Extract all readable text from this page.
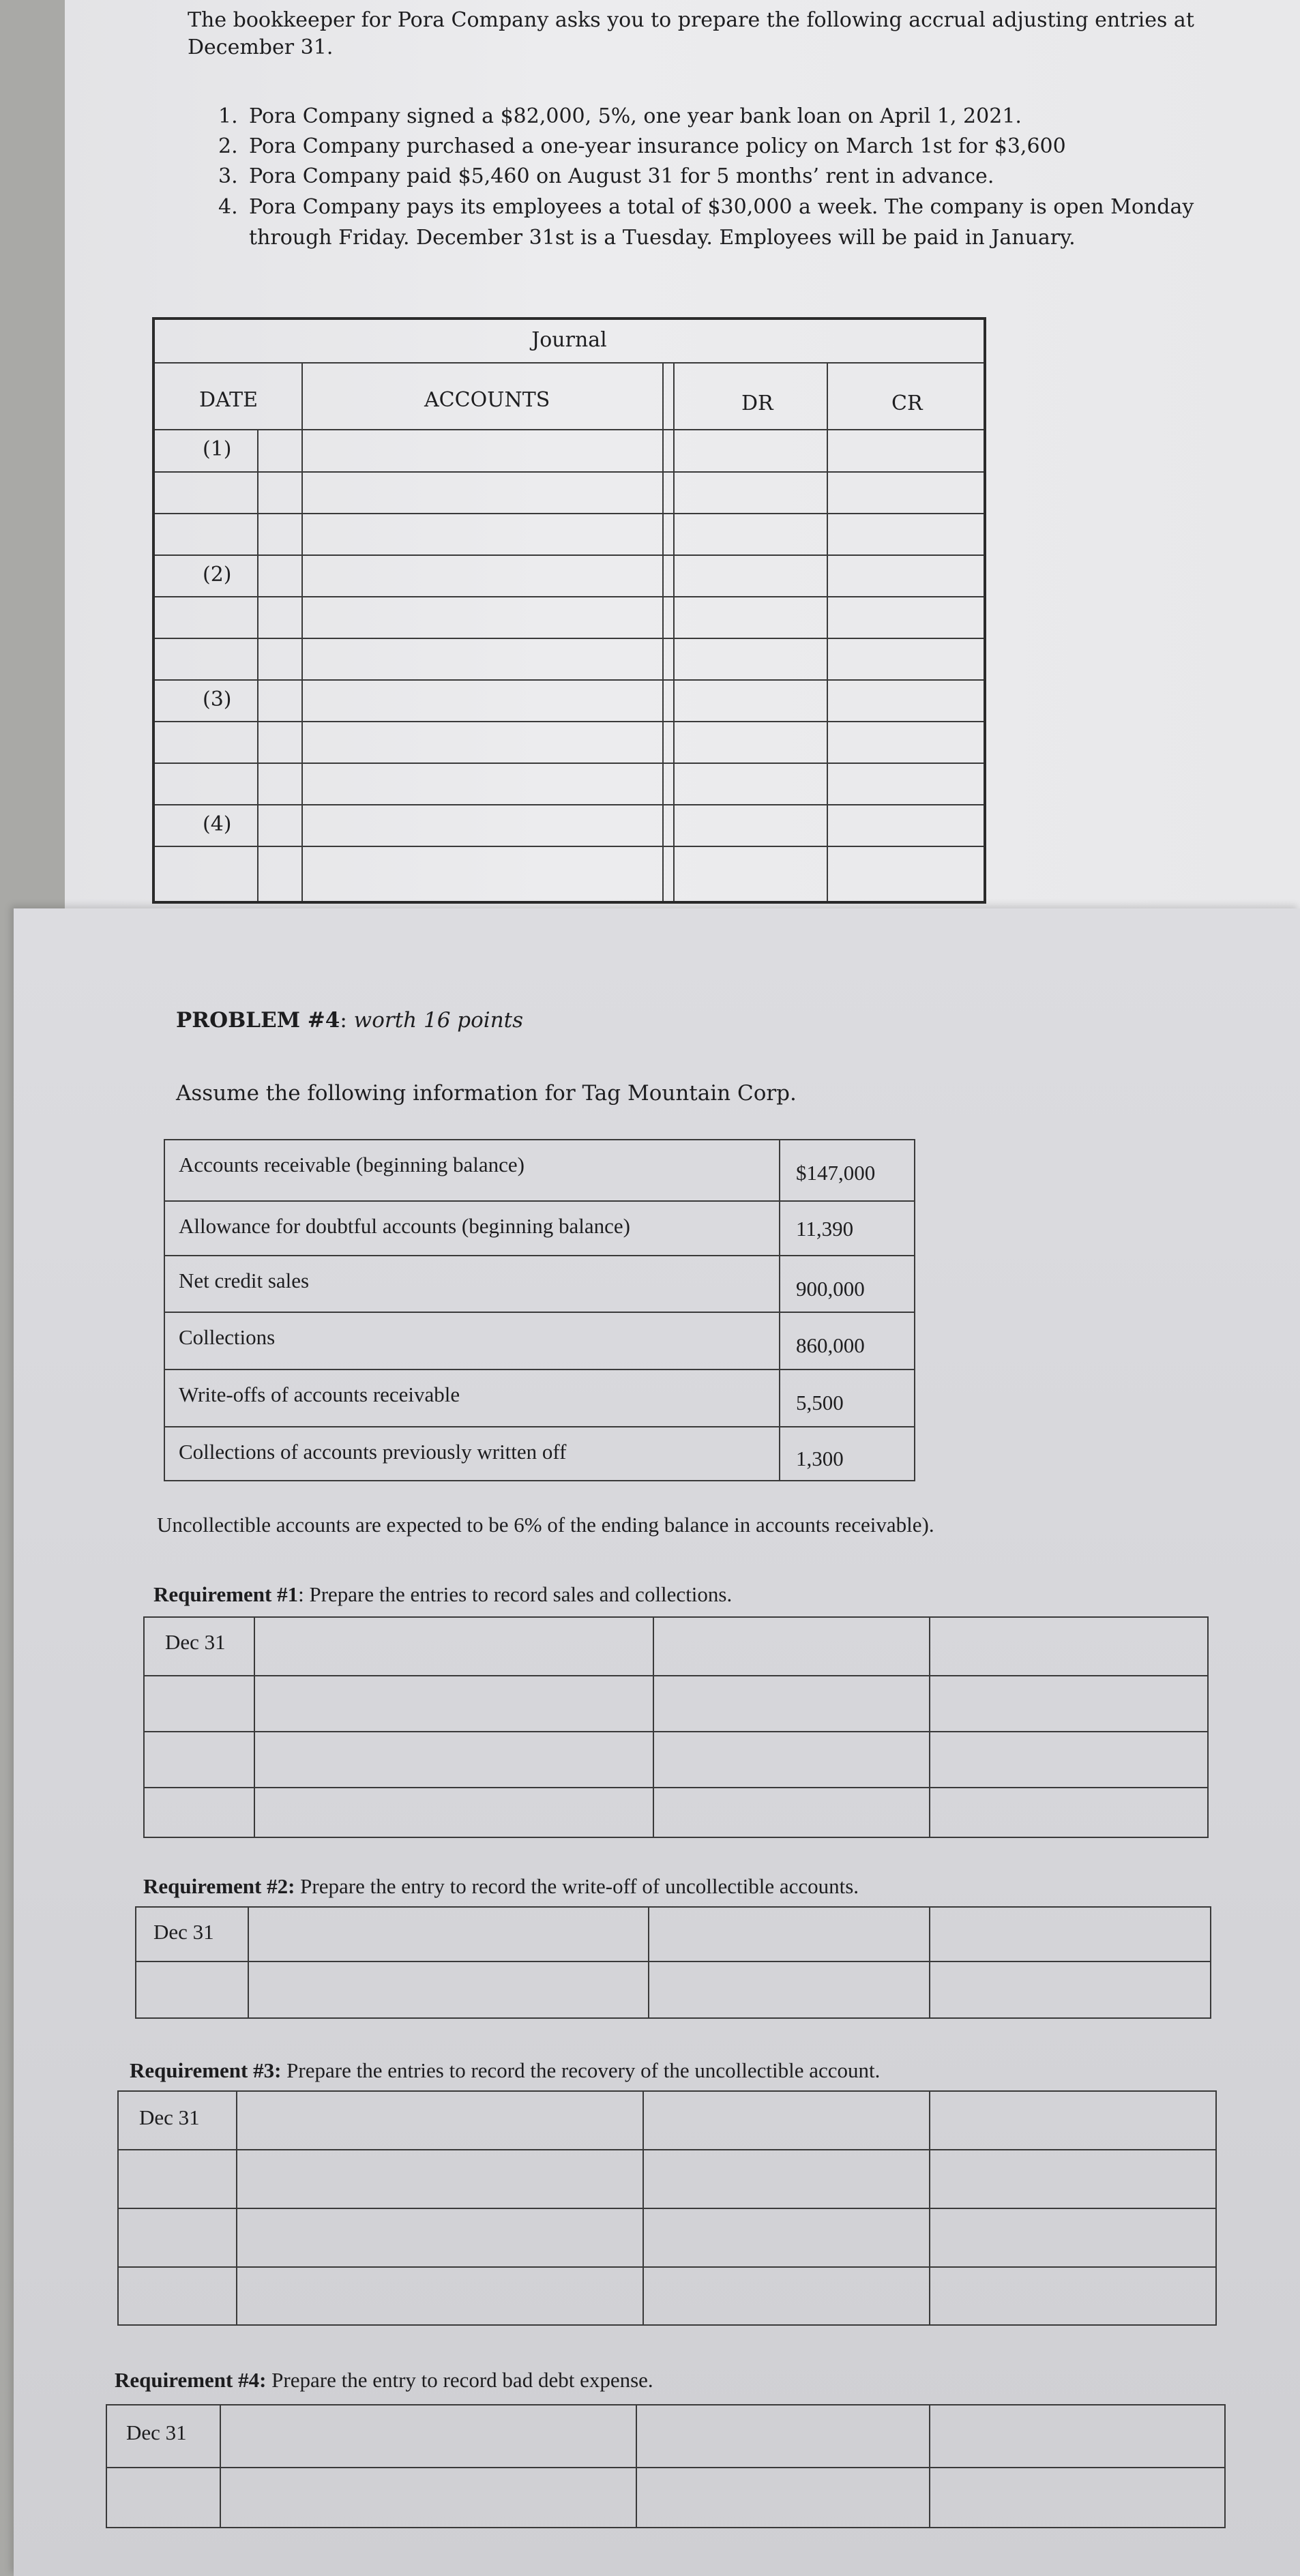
The bookkeeper for Pora Company asks you to prepare the following accrual adjusting entries at
December 31.
1. Pora Company signed a $82,000, 5%, one year bank loan on April 1, 2021.
2. Pora Company purchased a one-year insurance policy on March 1st for $3,600
3. Pora Company paid $5,460 on August 31 for 5 months’ rent in advance.
4. Pora Company pays its employees a total of $30,000 a week. The company is open Monday
through Friday. December 31st is a Tuesday. Employees will be paid in January.
Journal
DATE	ACCOUNTS	DR	CR
(1)
(2)
(3)
(4)
PROBLEM #4: worth 16 points
Assume the following information for Tag Mountain Corp.
Accounts receivable (beginning balance)	$147,000
Allowance for doubtful accounts (beginning balance)	11,390
Net credit sales	900,000
Collections	860,000
Write-offs of accounts receivable	5,500
Collections of accounts previously written off	1,300
Uncollectible accounts are expected to be 6% of the ending balance in accounts receivable).
Requirement #1: Prepare the entries to record sales and collections.
Dec 31
Requirement #2: Prepare the entry to record the write-off of uncollectible accounts.
Dec 31
Requirement #3: Prepare the entries to record the recovery of the uncollectible account.
Dec 31
Requirement #4: Prepare the entry to record bad debt expense.
Dec 31
